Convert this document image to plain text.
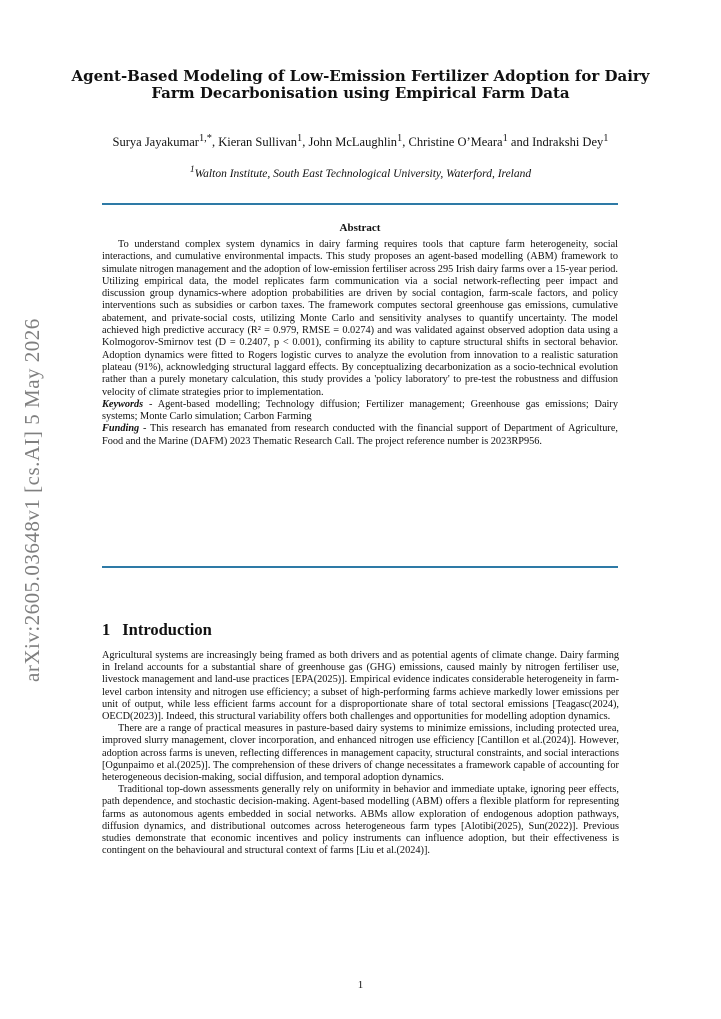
arXiv:2605.03648v1 [cs.AI] 5 May 2026
Agent-Based Modeling of Low-Emission Fertilizer Adoption for Dairy Farm Decarbonisation using Empirical Farm Data
Surya Jayakumar$^{1,*}$, Kieran Sullivan$^1$, John McLaughlin$^1$, Christine O’Meara$^1$ and Indrakshi Dey$^1$
$^1$Walton Institute, South East Technological University, Waterford, Ireland
Abstract

To understand complex system dynamics in dairy farming requires tools that capture farm heterogeneity, social interactions, and cumulative environmental impacts. This study proposes an agent-based modelling (ABM) framework to simulate nitrogen management and the adoption of low-emission fertiliser across 295 Irish dairy farms over a 15-year period. Utilizing empirical data, the model replicates farm communication via a social network-reflecting peer impact and discussion group dynamics-where adoption probabilities are driven by social contagion, farm-scale factors, and policy interventions such as subsidies or carbon taxes. The framework computes sectoral greenhouse gas emissions, cumulative abatement, and private-social costs, utilizing Monte Carlo and sensitivity analyses to quantify uncertainty. The model achieved high predictive accuracy (R² = 0.979, RMSE = 0.0274) and was validated against observed adoption data using a Kolmogorov-Smirnov test (D = 0.2407, p < 0.001), confirming its ability to capture structural shifts in sectoral behavior. Adoption dynamics were fitted to Rogers logistic curves to analyze the evolution from innovation to a realistic saturation plateau (91%), acknowledging structural laggard effects. By conceptualizing decarbonization as a socio-technical evolution rather than a purely monetary calculation, this study provides a 'policy laboratory' to pre-test the robustness and diffusion velocity of climate strategies prior to implementation.

Keywords - Agent-based modelling; Technology diffusion; Fertilizer management; Greenhouse gas emissions; Dairy systems; Monte Carlo simulation; Carbon Farming

Funding - This research has emanated from research conducted with the financial support of Department of Agriculture, Food and the Marine (DAFM) 2023 Thematic Research Call. The project reference number is 2023RP956.

1 Introduction

Agricultural systems are increasingly being framed as both drivers and as potential agents of climate change. Dairy farming in Ireland accounts for a substantial share of greenhouse gas (GHG) emissions, caused mainly by nitrogen fertiliser use, livestock management and land-use practices [EPA(2025)]. Empirical evidence indicates considerable heterogeneity in farm-level carbon intensity and nitrogen use efficiency; a subset of high-performing farms achieve markedly lower emissions per unit of output, while less efficient farms account for a disproportionate share of total sectoral emissions [Teagasc(2024), OECD(2023)]. Indeed, this structural variability offers both challenges and opportunities for modelling adoption dynamics.

There are a range of practical measures in pasture-based dairy systems to minimize emissions, including protected urea, improved slurry management, clover incorporation, and enhanced nitrogen use efficiency [Cantillon et al.(2024)]. However, adoption across farms is uneven, reflecting differences in management capacity, structural constraints, and social interactions [Ogunpaimo et al.(2025)]. The comprehension of these drivers of change necessitates a framework capable of accounting for heterogeneous decision-making, social diffusion, and temporal adoption dynamics.

Traditional top-down assessments generally rely on uniformity in behavior and immediate uptake, ignoring peer effects, path dependence, and stochastic decision-making. Agent-based modelling (ABM) offers a flexible platform for representing farms as autonomous agents embedded in social networks. ABMs allow exploration of endogenous adoption pathways, diffusion dynamics, and distributional outcomes across heterogeneous farm types [Alotibi(2025), Sun(2022)]. Previous studies demonstrate that economic incentives and policy instruments can influence adoption, but their effectiveness is contingent on the behavioural and structural context of farms [Liu et al.(2024)].

1
